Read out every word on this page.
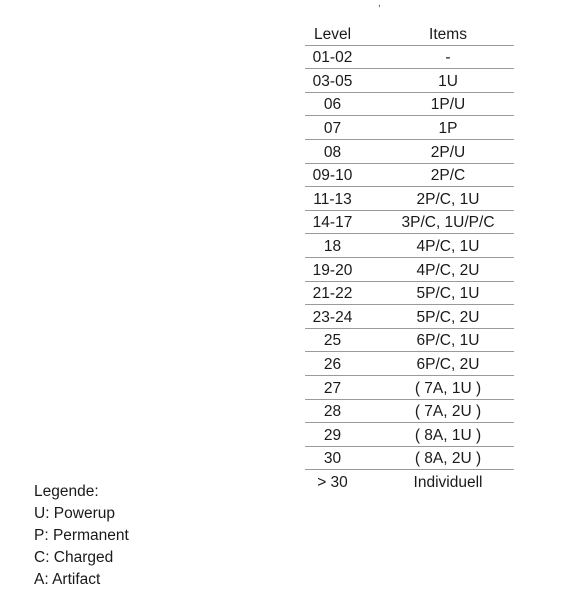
,
Level		Items
01-02		-
03-05		1U
06		1P/U
07		1P
08		2P/U
09-10		2P/C
11-13		2P/C, 1U
14-17		3P/C, 1U/P/C
18		4P/C, 1U
19-20		4P/C, 2U
21-22		5P/C, 1U
23-24		5P/C, 2U
25		6P/C, 1U
26		6P/C, 2U
27		( 7A, 1U )
28		( 7A, 2U )
29		( 8A, 1U )
30		( 8A, 2U )
> 30		Individuell
Legende:
U: Powerup
P: Permanent
C: Charged
A: Artifact
